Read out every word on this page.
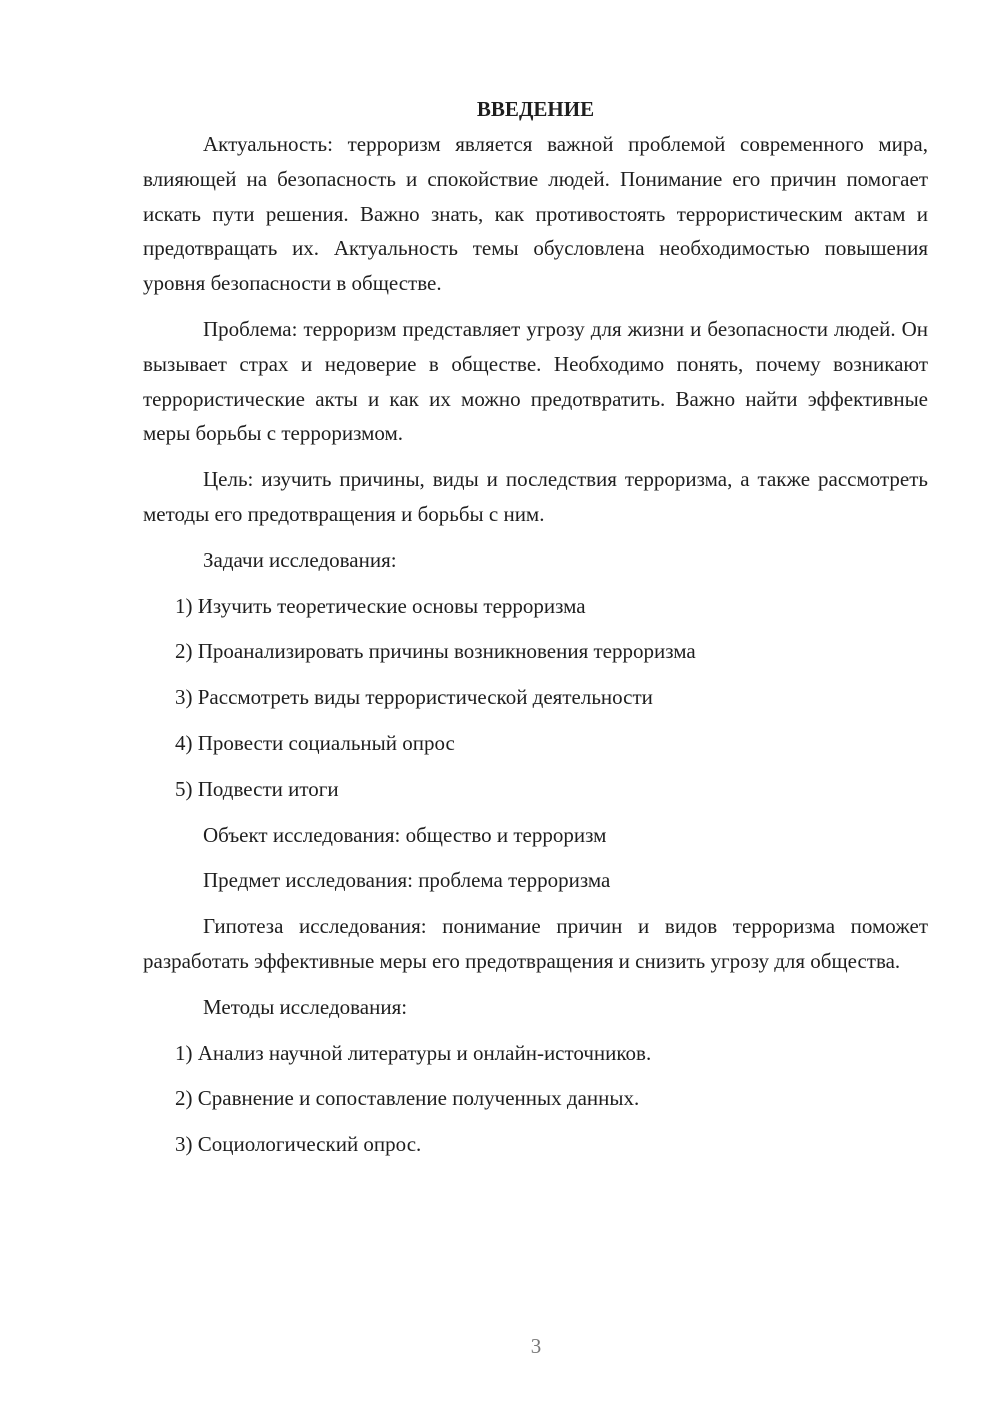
ВВЕДЕНИЕ

Актуальность: терроризм является важной проблемой современного мира, влияющей на безопасность и спокойствие людей. Понимание его причин помогает искать пути решения. Важно знать, как противостоять террористическим актам и предотвращать их. Актуальность темы обусловлена необходимостью повышения уровня безопасности в обществе.

Проблема: терроризм представляет угрозу для жизни и безопасности людей. Он вызывает страх и недоверие в обществе. Необходимо понять, почему возникают террористические акты и как их можно предотвратить. Важно найти эффективные меры борьбы с терроризмом.

Цель: изучить причины, виды и последствия терроризма, а также рассмотреть методы его предотвращения и борьбы с ним.

Задачи исследования:

1) Изучить теоретические основы терроризма
2) Проанализировать причины возникновения терроризма
3) Рассмотреть виды террористической деятельности
4) Провести социальный опрос
5) Подвести итоги

Объект исследования: общество и терроризм

Предмет исследования: проблема терроризма

Гипотеза исследования: понимание причин и видов терроризма поможет разработать эффективные меры его предотвращения и снизить угрозу для общества.

Методы исследования:

1) Анализ научной литературы и онлайн-источников.
2) Сравнение и сопоставление полученных данных.
3) Социологический опрос.
3
